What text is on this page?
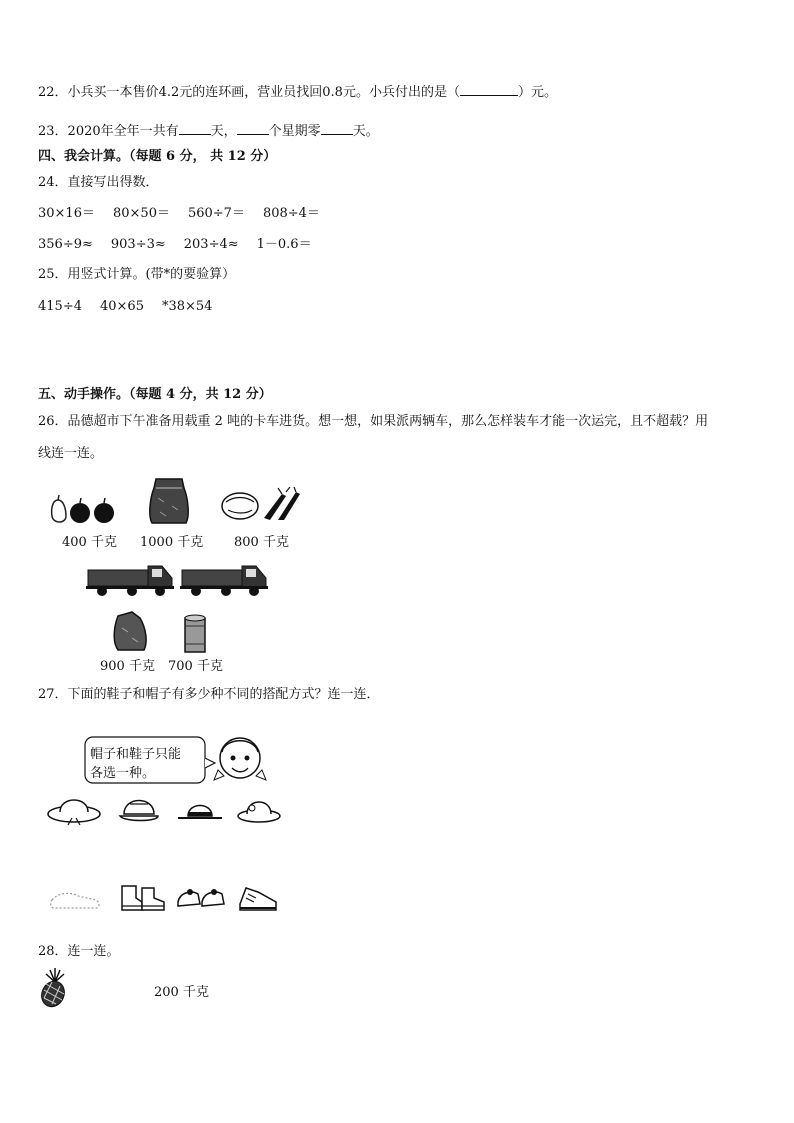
22．小兵买一本售价4.2元的连环画，营业员找回0.8元。小兵付出的是（	）元。
23．2020年全年一共有 天， 个星期零 天。
四、我会计算。（每题 6 分， 共 12 分）
24．直接写出得数．
30×16＝ 80×50＝ 560÷7＝ 808÷4＝
356÷9≈ 903÷3≈ 203÷4≈ 1－0.6＝
25．用竖式计算。(带*的要验算）
415÷4 40×65 *38×54
五、动手操作。（每题 4 分，共 12 分）
26．品德超市下午准备用载重 2 吨的卡车进货。想一想，如果派两辆车，那么怎样装车才能一次运完，且不超载？用
线连一连。
400 千克 1000 千克 800 千克
900 千克 700 千克
27．下面的鞋子和帽子有多少种不同的搭配方式？连一连．
帽子和鞋子只能
各选一种。
28．连一连。
200 千克
